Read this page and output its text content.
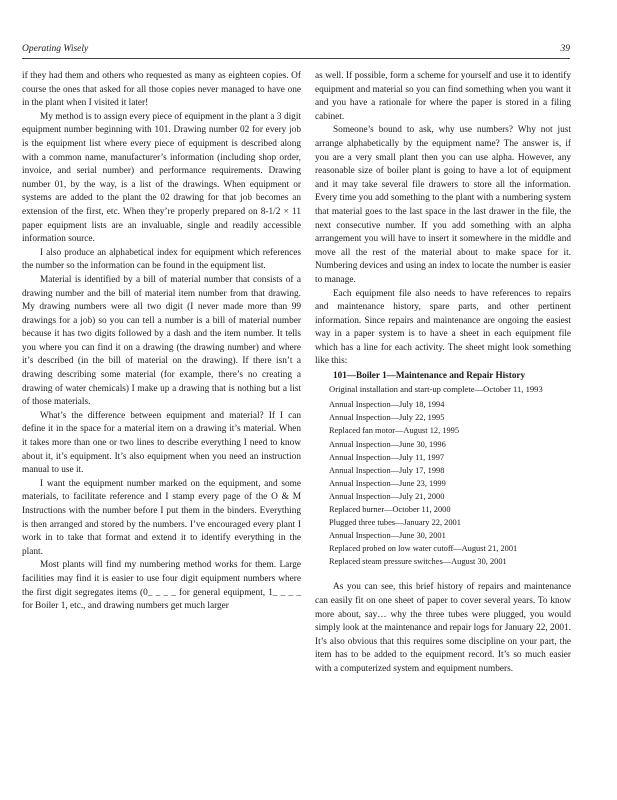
Operating Wisely	39

if they had them and others who requested as many as eighteen copies. Of course the ones that asked for all those copies never managed to have one in the plant when I visited it later!

My method is to assign every piece of equipment in the plant a 3 digit equipment number beginning with 101. Drawing number 02 for every job is the equipment list where every piece of equipment is described along with a common name, manufacturer’s information (including shop order, invoice, and serial number) and performance requirements. Drawing number 01, by the way, is a list of the drawings. When equipment or systems are added to the plant the 02 drawing for that job becomes an extension of the first, etc. When they’re properly prepared on 8-1/2 × 11 paper equipment lists are an invaluable, single and readily accessible information source.

I also produce an alphabetical index for equipment which references the number so the information can be found in the equipment list.

Material is identified by a bill of material number that consists of a drawing number and the bill of material item number from that drawing. My drawing numbers were all two digit (I never made more than 99 drawings for a job) so you can tell a number is a bill of material number because it has two digits followed by a dash and the item number. It tells you where you can find it on a drawing (the drawing number) and where it’s described (in the bill of material on the drawing). If there isn’t a drawing describing some material (for example, there’s no creating a drawing of water chemicals) I make up a drawing that is nothing but a list of those materials.

What’s the difference between equipment and material? If I can define it in the space for a material item on a drawing it’s material. When it takes more than one or two lines to describe everything I need to know about it, it’s equipment. It’s also equipment when you need an instruction manual to use it.

I want the equipment number marked on the equipment, and some materials, to facilitate reference and I stamp every page of the O & M Instructions with the number before I put them in the binders. Everything is then arranged and stored by the numbers. I’ve encouraged every plant I work in to take that format and extend it to identify everything in the plant.

Most plants will find my numbering method works for them. Large facilities may find it is easier to use four digit equipment numbers where the first digit segregates items (0_ _ _ _ for general equipment, 1_ _ _ _ for Boiler 1, etc., and drawing numbers get much larger

as well. If possible, form a scheme for yourself and use it to identify equipment and material so you can find something when you want it and you have a rationale for where the paper is stored in a filing cabinet.

Someone’s bound to ask, why use numbers? Why not just arrange alphabetically by the equipment name? The answer is, if you are a very small plant then you can use alpha. However, any reasonable size of boiler plant is going to have a lot of equipment and it may take several file drawers to store all the information. Every time you add something to the plant with a numbering system that material goes to the last space in the last drawer in the file, the next consecutive number. If you add something with an alpha arrangement you will have to insert it somewhere in the middle and move all the rest of the material about to make space for it. Numbering devices and using an index to locate the number is easier to manage.

Each equipment file also needs to have references to repairs and maintenance history, spare parts, and other pertinent information. Since repairs and maintenance are ongoing the easiest way in a paper system is to have a sheet in each equipment file which has a line for each activity. The sheet might look something like this:

101—Boiler 1—Maintenance and Repair History

Original installation and start-up complete—October 11, 1993

Annual Inspection—July 18, 1994
Annual Inspection—July 22, 1995
Replaced fan motor—August 12, 1995
Annual Inspection—June 30, 1996
Annual Inspection—July 11, 1997
Annual Inspection—July 17, 1998
Annual Inspection—June 23, 1999
Annual Inspection—July 21, 2000
Replaced burner—October 11, 2000
Plugged three tubes—January 22, 2001
Annual Inspection—June 30, 2001
Replaced probed on low water cutoff—August 21, 2001
Replaced steam pressure switches—August 30, 2001

As you can see, this brief history of repairs and maintenance can easily fit on one sheet of paper to cover several years. To know more about, say… why the three tubes were plugged, you would simply look at the maintenance and repair logs for January 22, 2001. It’s also obvious that this requires some discipline on your part, the item has to be added to the equipment record. It’s so much easier with a computerized system and equipment numbers.
